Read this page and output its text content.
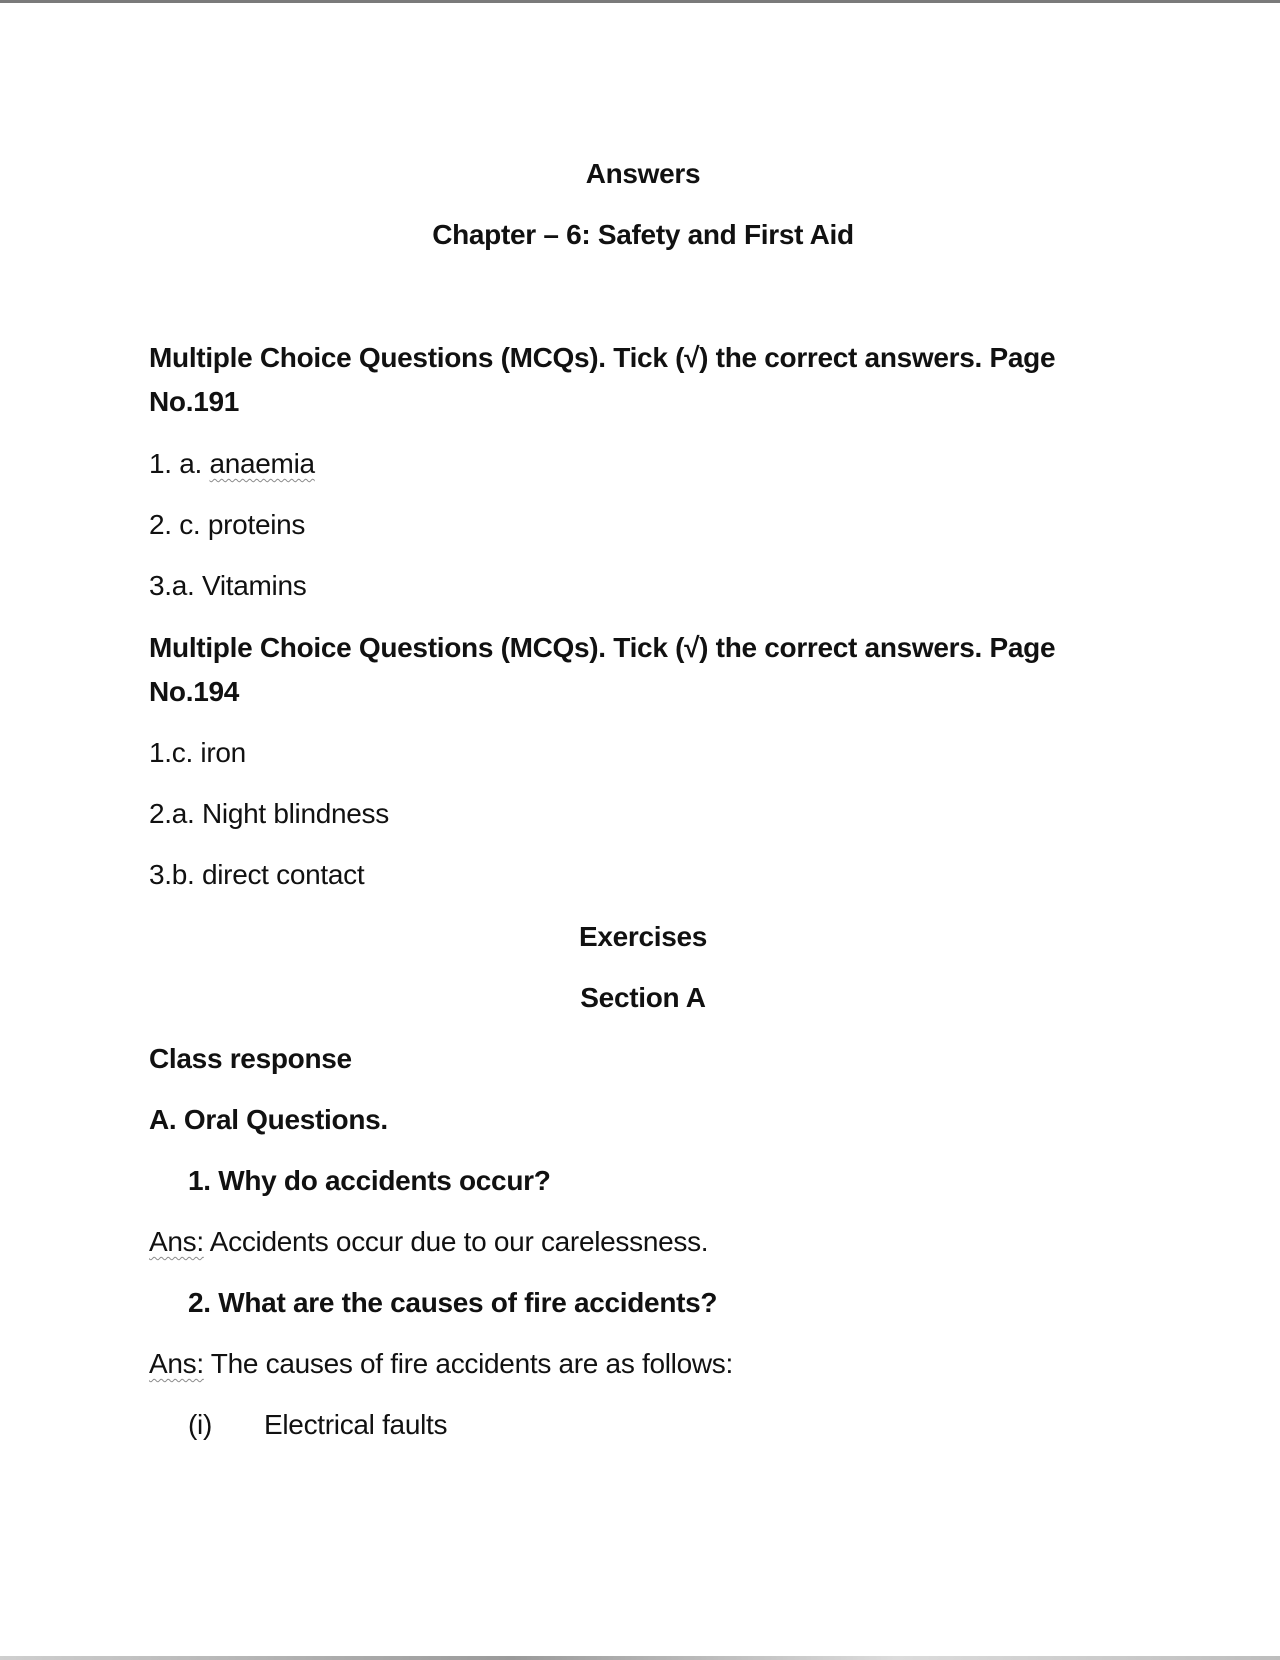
Answers
Chapter – 6: Safety and First Aid
Multiple Choice Questions (MCQs). Tick (√) the correct answers. Page
No.191
1. a. anaemia
2. c. proteins
3.a. Vitamins
Multiple Choice Questions (MCQs). Tick (√) the correct answers. Page
No.194
1.c. iron
2.a. Night blindness
3.b. direct contact
Exercises
Section A
Class response
A. Oral Questions.
1. Why do accidents occur?
Ans: Accidents occur due to our carelessness.
2. What are the causes of fire accidents?
Ans: The causes of fire accidents are as follows:
(i) Electrical faults
